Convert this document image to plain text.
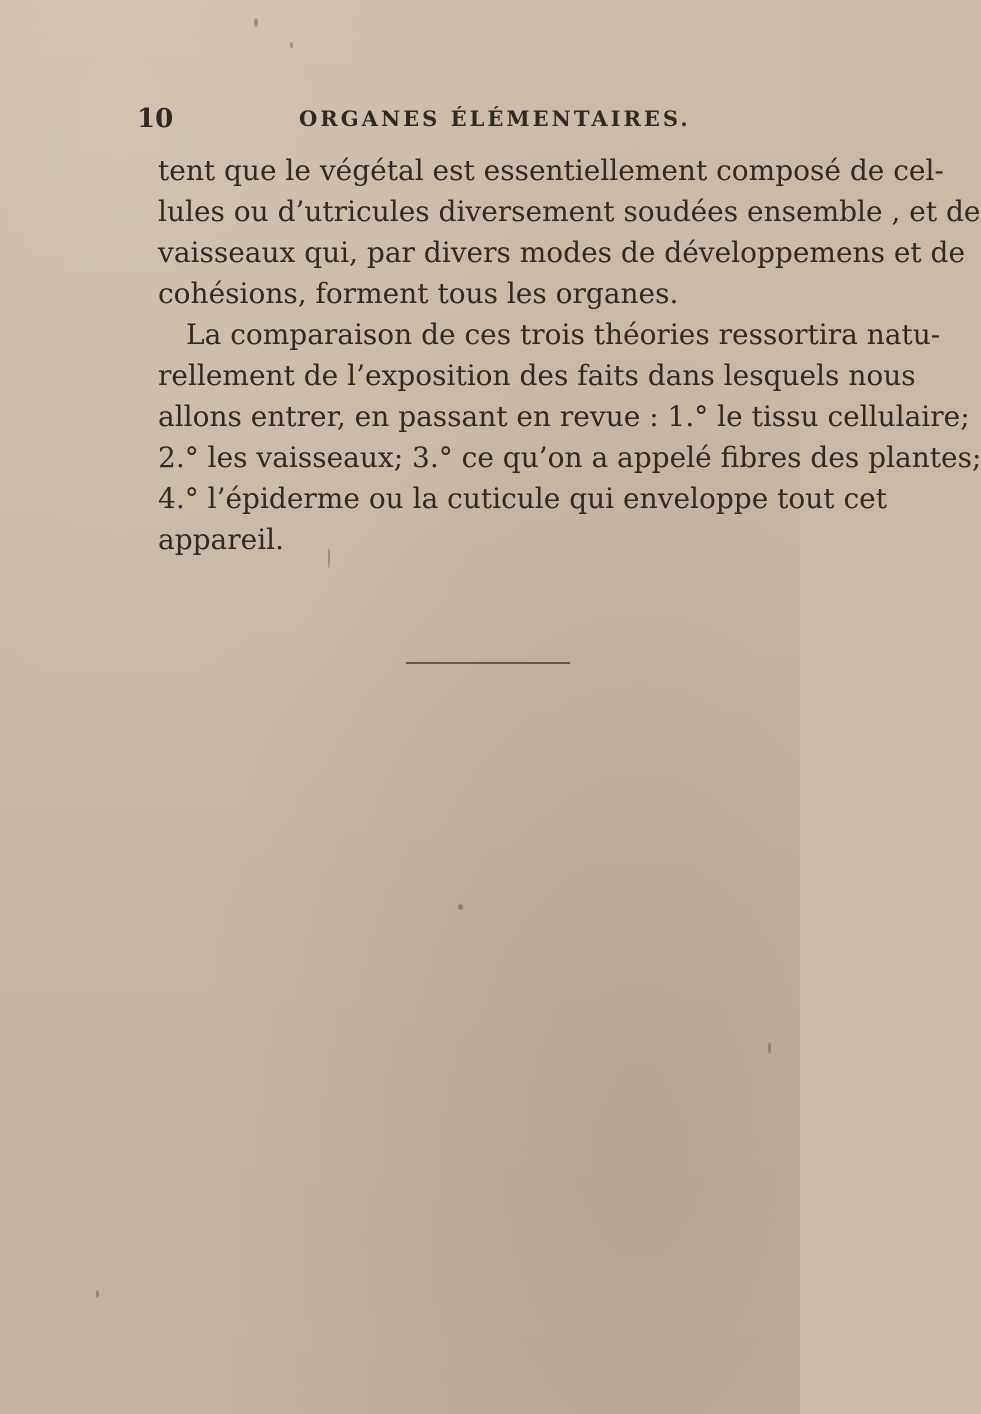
10	ORGANES ÉLÉMENTAIRES.
tent que le végétal est essentiellement composé de cel-
lules ou d’utricules diversement soudées ensemble , et de
vaisseaux qui, par divers modes de développemens et de
cohésions, forment tous les organes.
La comparaison de ces trois théories ressortira natu-
rellement de l’exposition des faits dans lesquels nous
allons entrer, en passant en revue : 1.° le tissu cellulaire;
2.° les vaisseaux; 3.° ce qu’on a appelé fibres des plantes;
4.° l’épiderme ou la cuticule qui enveloppe tout cet
appareil.
